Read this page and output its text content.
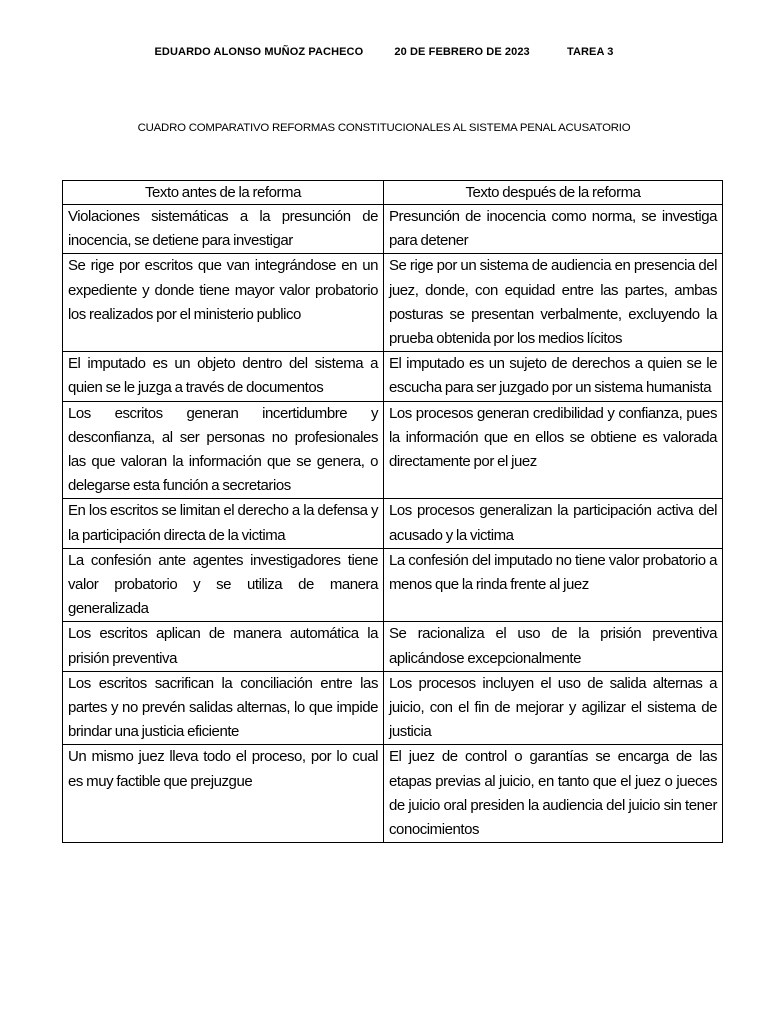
EDUARDO ALONSO MUÑOZ PACHECO	20 DE FEBRERO DE 2023	TAREA 3
CUADRO COMPARATIVO REFORMAS CONSTITUCIONALES AL SISTEMA PENAL ACUSATORIO
Texto antes de la reforma	Texto después de la reforma
Violaciones sistemáticas a la presunción de inocencia, se detiene para investigar	Presunción de inocencia como norma, se investiga para detener
Se rige por escritos que van integrándose en un expediente y donde tiene mayor valor probatorio los realizados por el ministerio publico	Se rige por un sistema de audiencia en presencia del juez, donde, con equidad entre las partes, ambas posturas se presentan verbalmente, excluyendo la prueba obtenida por los medios lícitos
El imputado es un objeto dentro del sistema a quien se le juzga a través de documentos	El imputado es un sujeto de derechos a quien se le escucha para ser juzgado por un sistema humanista
Los escritos generan incertidumbre y desconfianza, al ser personas no profesionales las que valoran la información que se genera, o delegarse esta función a secretarios	Los procesos generan credibilidad y confianza, pues la información que en ellos se obtiene es valorada directamente por el juez
En los escritos se limitan el derecho a la defensa y la participación directa de la victima	Los procesos generalizan la participación activa del acusado y la victima
La confesión ante agentes investigadores tiene valor probatorio y se utiliza de manera generalizada	La confesión del imputado no tiene valor probatorio a menos que la rinda frente al juez
Los escritos aplican de manera automática la prisión preventiva	Se racionaliza el uso de la prisión preventiva aplicándose excepcionalmente
Los escritos sacrifican la conciliación entre las partes y no prevén salidas alternas, lo que impide brindar una justicia eficiente	Los procesos incluyen el uso de salida alternas a juicio, con el fin de mejorar y agilizar el sistema de justicia
Un mismo juez lleva todo el proceso, por lo cual es muy factible que prejuzgue	El juez de control o garantías se encarga de las etapas previas al juicio, en tanto que el juez o jueces de juicio oral presiden la audiencia del juicio sin tener conocimientos
